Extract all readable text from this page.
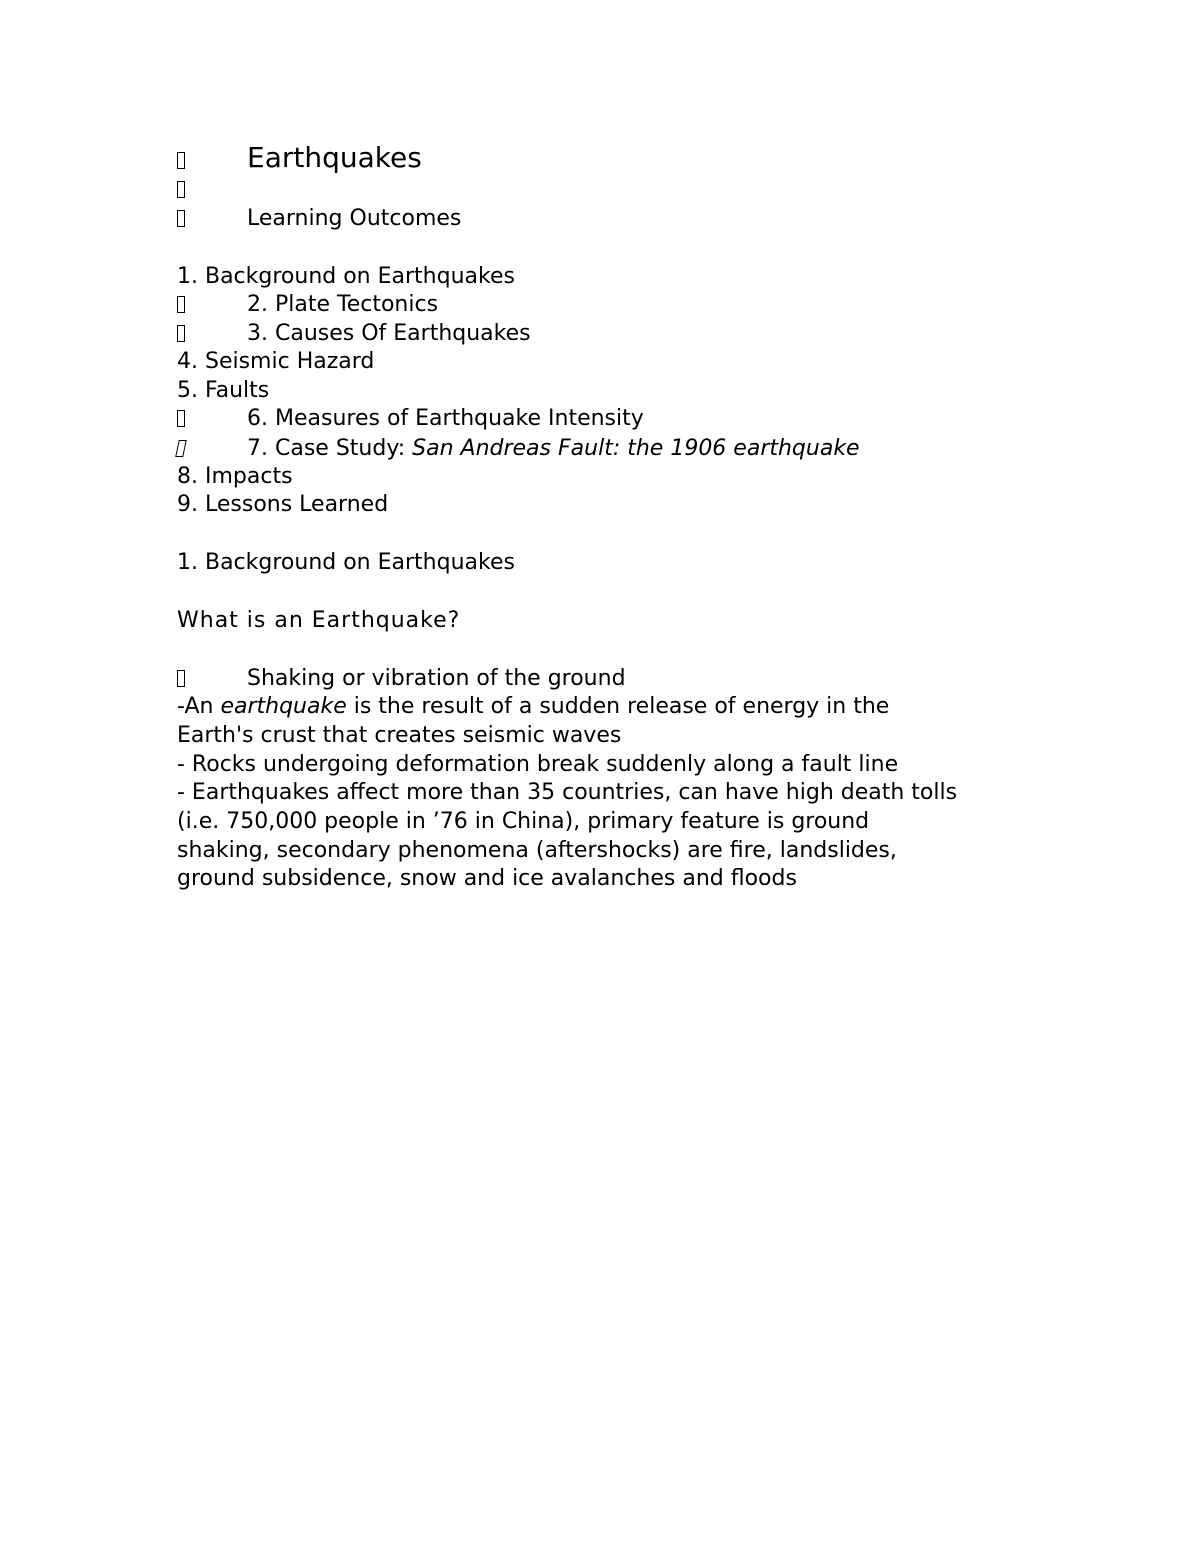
Earthquakes
Learning Outcomes
1. Background on Earthquakes
2. Plate Tectonics
3. Causes Of Earthquakes
4. Seismic Hazard
5. Faults
6. Measures of Earthquake Intensity
7. Case Study: San Andreas Fault: the 1906 earthquake
8. Impacts
9. Lessons Learned
1. Background on Earthquakes
What is an Earthquake?
Shaking or vibration of the ground
-An earthquake is the result of a sudden release of energy in the
Earth's crust that creates seismic waves
- Rocks undergoing deformation break suddenly along a fault line
- Earthquakes affect more than 35 countries, can have high death tolls
(i.e. 750,000 people in ’76 in China), primary feature is ground
shaking, secondary phenomena (aftershocks) are fire, landslides,
ground subsidence, snow and ice avalanches and floods
